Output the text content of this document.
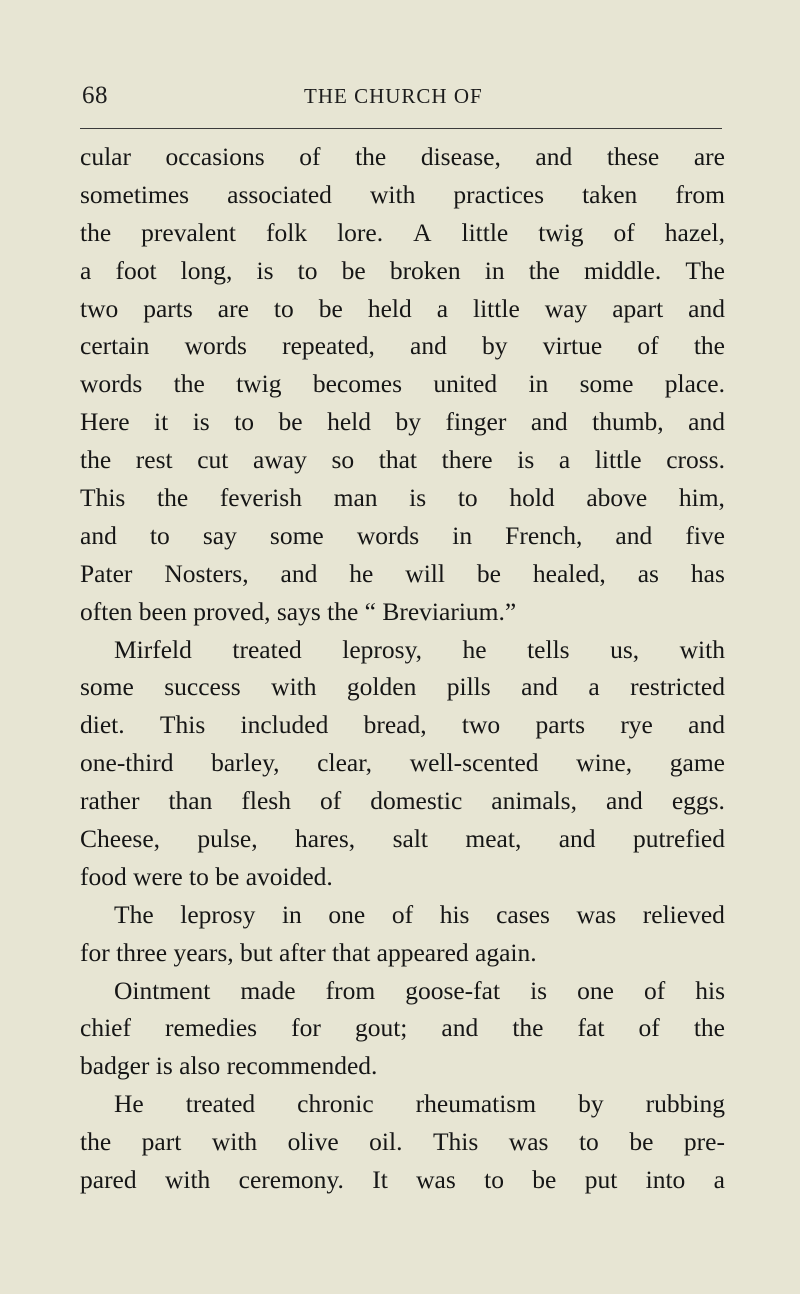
68	THE CHURCH OF
cular occasions of the disease, and these are
sometimes associated with practices taken from
the prevalent folk lore. A little twig of hazel,
a foot long, is to be broken in the middle. The
two parts are to be held a little way apart and
certain words repeated, and by virtue of the
words the twig becomes united in some place.
Here it is to be held by finger and thumb, and
the rest cut away so that there is a little cross.
This the feverish man is to hold above him,
and to say some words in French, and five
Pater Nosters, and he will be healed, as has
often been proved, says the “ Breviarium.”
Mirfeld treated leprosy, he tells us, with
some success with golden pills and a restricted
diet. This included bread, two parts rye and
one-third barley, clear, well-scented wine, game
rather than flesh of domestic animals, and eggs.
Cheese, pulse, hares, salt meat, and putrefied
food were to be avoided.
The leprosy in one of his cases was relieved
for three years, but after that appeared again.
Ointment made from goose-fat is one of his
chief remedies for gout; and the fat of the
badger is also recommended.
He treated chronic rheumatism by rubbing
the part with olive oil. This was to be pre-
pared with ceremony. It was to be put into a
